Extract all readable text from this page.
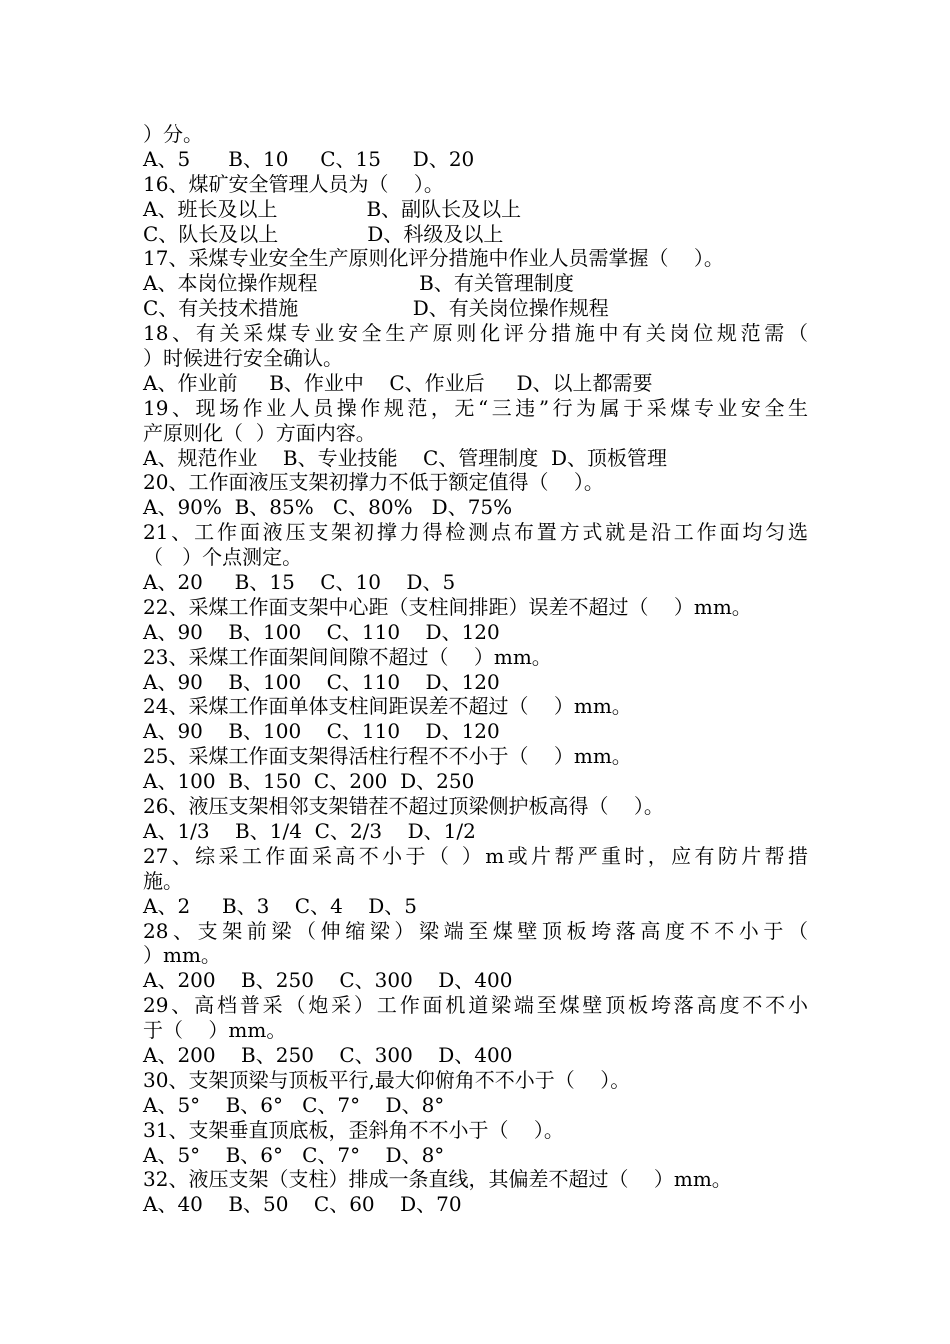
）分。
A、5      B、10     C、15     D、20
16、煤矿安全管理人员为（    ）。
A、班长及以上              B、副队长及以上
C、队长及以上              D、科级及以上
17、采煤专业安全生产原则化评分措施中作业人员需掌握（    ）。
A、本岗位操作规程                B、有关管理制度
C、有关技术措施                  D、有关岗位操作规程
18、有关采煤专业安全生产原则化评分措施中有关岗位规范需（
）时候进行安全确认。
A、作业前     B、作业中    C、作业后     D、以上都需要
19、现场作业人员操作规范，无“三违”行为属于采煤专业安全生
产原则化（  ）方面内容。
A、规范作业    B、专业技能    C、管理制度  D、顶板管理
20、工作面液压支架初撑力不低于额定值得（    ）。
A、90%  B、85%   C、80%   D、75%
21、工作面液压支架初撑力得检测点布置方式就是沿工作面均匀选
（   ）个点测定。
A、20     B、15    C、10    D、5
22、采煤工作面支架中心距（支柱间排距）误差不超过（    ）mm。
A、90    B、100    C、110    D、120
23、采煤工作面架间间隙不超过（    ）mm。
A、90    B、100    C、110    D、120
24、采煤工作面单体支柱间距误差不超过（    ）mm。
A、90    B、100    C、110    D、120
25、采煤工作面支架得活柱行程不不小于（    ）mm。
A、100  B、150  C、200  D、250
26、液压支架相邻支架错茬不超过顶梁侧护板高得（    ）。
A、1/3    B、1/4  C、2/3    D、1/2
27、综采工作面采高不小于（ ）m或片帮严重时，应有防片帮措
施。
A、2     B、3    C、4    D、5
28、支架前梁（伸缩梁）梁端至煤壁顶板垮落高度不不小于（
）mm。
A、200    B、250    C、300    D、400
29、高档普采（炮采）工作面机道梁端至煤壁顶板垮落高度不不小
于（    ）mm。
A、200    B、250    C、300    D、400
30、支架顶梁与顶板平行,最大仰俯角不不小于（    ）。
A、5°    B、6°   C、7°    D、8°
31、支架垂直顶底板，歪斜角不不小于（    ）。
A、5°    B、6°   C、7°    D、8°
32、液压支架（支柱）排成一条直线，其偏差不超过（    ）mm。
A、40    B、50    C、60    D、70
